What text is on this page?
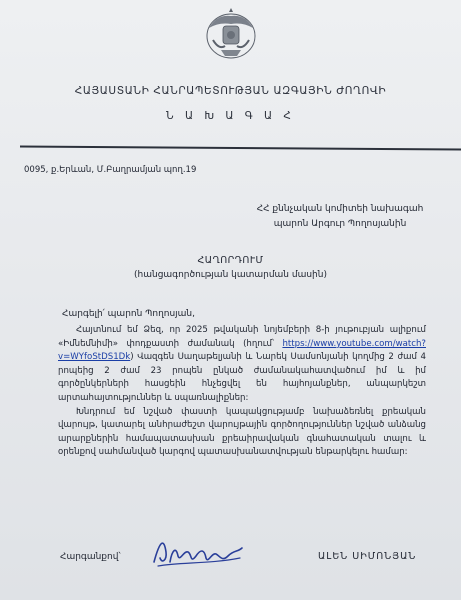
ՀԱՅԱՍՏԱՆԻ ՀԱՆՐԱՊԵՏՈՒԹՅԱՆ ԱԶԳԱՅԻՆ ԺՈՂՈՎԻ
Ն Ա Խ Ա Գ Ա Հ
0095, ք.Երևան, Մ.Բաղրամյան պող.19
ՀՀ քննչական կոմիտեի նախագահ
պարոն Արգուր Պողոսյանին
ՀԱՂՈՐԴՈՒՄ
(հանցագործության կատարման մասին)
Հարգելի՛ պարոն Պողոսյան,

Հայտնում եմ Ձեզ, որ 2025 թվականի նոյեմբերի 8-ի յութուբյան ալիքում «Իմնեմնիմի» փոդքաստի ժամանակ (հղում՝ https://www.youtube.com/watch?v=WYfoStDS1Dk) Վազգեն Սաղաթելյանի և Նարեկ Սամսոնյանի կողմից 2 ժամ 4 րոպեից 2 ժամ 23 րոպեն ընկած ժամանակահատվածում իմ և իմ գործընկերների հասցեին հնչեցվել են հայհոյանքներ, անպարկեշտ արտահայտություններ և սպառնալիքներ:

Խնդրում եմ նշված փաստի կապակցությամբ նախաձեռնել քրեական վարույթ, կատարել անհրաժեշտ վարույթային գործողություններ նշված անձանց արարքներին համապատասխան քրեաիրավական գնահատական տալու և օրենքով սահմանված կարգով պատասխանատվության ենթարկելու համար:

Հարգանքով՝	ԱԼԵՆ ՍԻՄՈՆՅԱՆ
